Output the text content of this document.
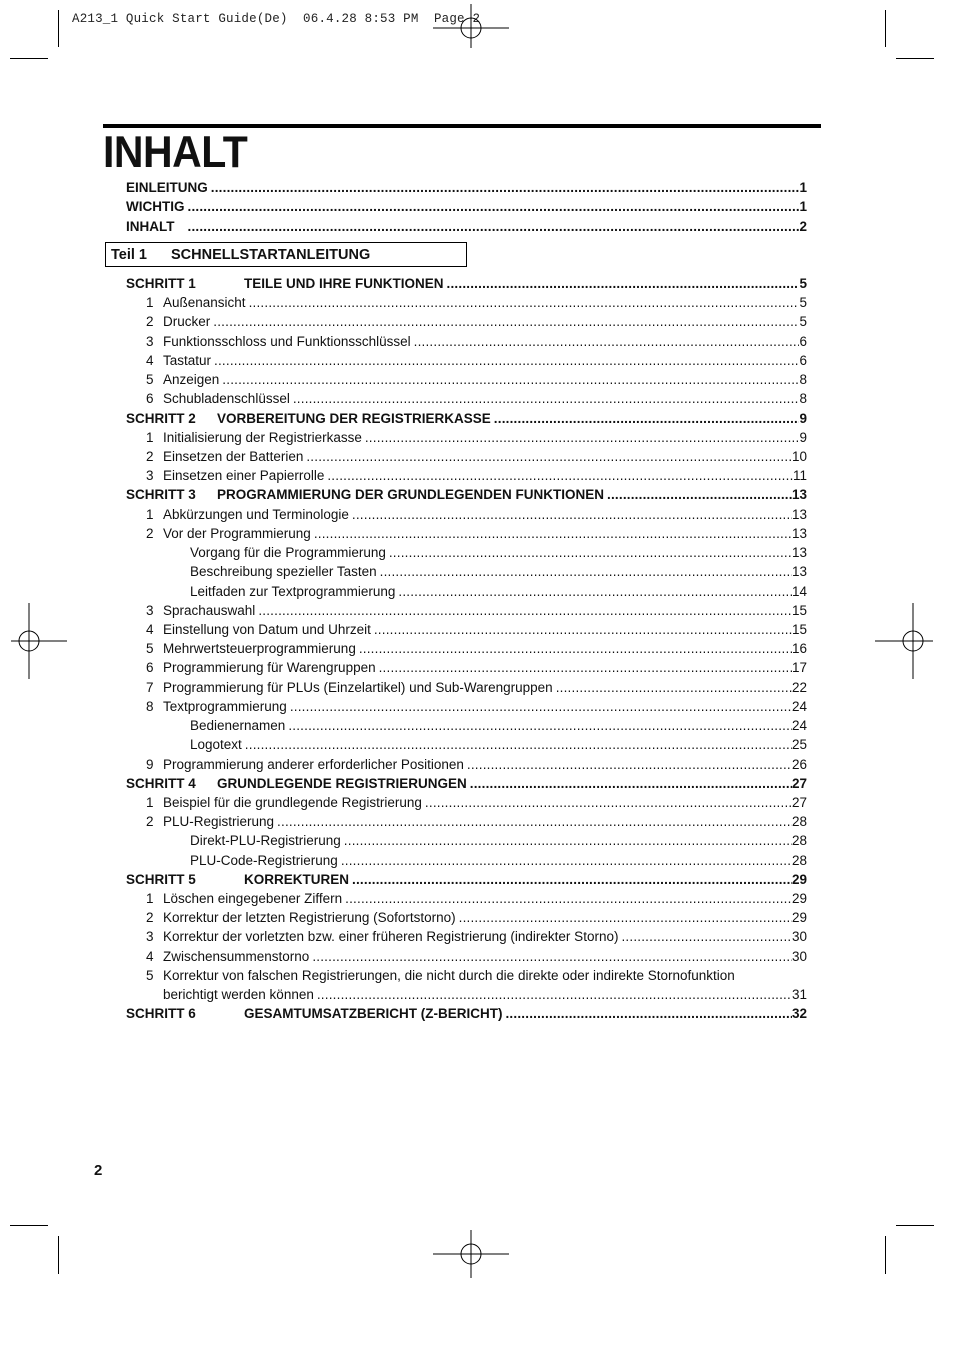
A213_1 Quick Start Guide(De)  06.4.28 8:53 PM  Page 2
INHALT
EINLEITUNG .....	1
WICHTIG .....	1
INHALT .....	2
Teil 1	SCHNELLSTARTANLEITUNG
SCHRITT 1	TEILE UND IHRE FUNKTIONEN .....	5
1 Außenansicht .....	5
2 Drucker .....	5
3 Funktionsschloss und Funktionsschlüssel .....	6
4 Tastatur .....	6
5 Anzeigen .....	8
6 Schubladenschlüssel .....	8
SCHRITT 2	VORBEREITUNG DER REGISTRIERKASSE .....	9
1 Initialisierung der Registrierkasse .....	9
2 Einsetzen der Batterien .....	10
3 Einsetzen einer Papierrolle .....	11
SCHRITT 3	PROGRAMMIERUNG DER GRUNDLEGENDEN FUNKTIONEN .....	13
1 Abkürzungen und Terminologie .....	13
2 Vor der Programmierung .....	13
Vorgang für die Programmierung .....	13
Beschreibung spezieller Tasten .....	13
Leitfaden zur Textprogrammierung .....	14
3 Sprachauswahl .....	15
4 Einstellung von Datum und Uhrzeit .....	15
5 Mehrwertsteuerprogrammierung .....	16
6 Programmierung für Warengruppen .....	17
7 Programmierung für PLUs (Einzelartikel) und Sub-Warengruppen .....	22
8 Textprogrammierung .....	24
Bedienernamen .....	24
Logotext .....	25
9 Programmierung anderer erforderlicher Positionen .....	26
SCHRITT 4	GRUNDLEGENDE REGISTRIERUNGEN .....	27
1 Beispiel für die grundlegende Registrierung .....	27
2 PLU-Registrierung .....	28
Direkt-PLU-Registrierung .....	28
PLU-Code-Registrierung .....	28
SCHRITT 5	KORREKTUREN .....	29
1 Löschen eingegebener Ziffern .....	29
2 Korrektur der letzten Registrierung (Sofortstorno) .....	29
3 Korrektur der vorletzten bzw. einer früheren Registrierung (indirekter Storno) .....	30
4 Zwischensummenstorno .....	30
5 Korrektur von falschen Registrierungen, die nicht durch die direkte oder indirekte Stornofunktion
berichtigt werden können .....	31
SCHRITT 6	GESAMTUMSATZBERICHT (Z-BERICHT) .....	32
2
